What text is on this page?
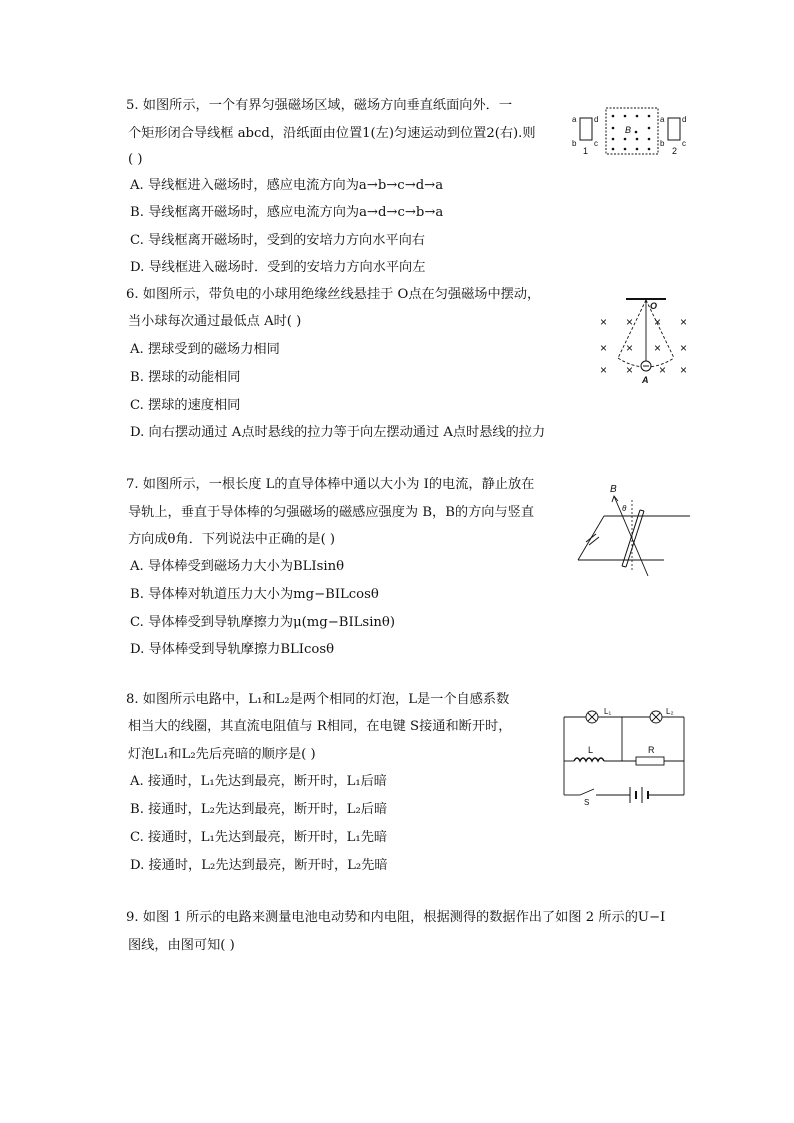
5. 如图所示，一个有界匀强磁场区域，磁场方向垂直纸面向外．一
个矩形闭合导线框 abcd，沿纸面由位置1(左)匀速运动到位置2(右).则
( )
A. 导线框进入磁场时，感应电流方向为a→b→c→d→a
B. 导线框离开磁场时，感应电流方向为a→d→c→b→a
C. 导线框离开磁场时，受到的安培力方向水平向右
D. 导线框进入磁场时．受到的安培力方向水平向左
a
b
d
c
1
B
a
b
d
c
2
6. 如图所示，带负电的小球用绝缘丝线悬挂于 O点在匀强磁场中摆动，
当小球每次通过最低点 A时( )
A. 摆球受到的磁场力相同
B. 摆球的动能相同
C. 摆球的速度相同
D. 向右摆动通过 A点时悬线的拉力等于向左摆动通过 A点时悬线的拉力
O
A
× × × ×
× × × ×
× × × ×
7. 如图所示，一根长度 L的直导体棒中通以大小为 I的电流，静止放在
导轨上，垂直于导体棒的匀强磁场的磁感应强度为 B，B的方向与竖直
方向成θ角．下列说法中正确的是( )
A. 导体棒受到磁场力大小为BLIsinθ
B. 导体棒对轨道压力大小为mg−BILcosθ
C. 导体棒受到导轨摩擦力为μ(mg−BILsinθ)
D. 导体棒受到导轨摩擦力BLIcosθ
B
θ
8. 如图所示电路中，L₁和L₂是两个相同的灯泡，L是一个自感系数
相当大的线圈，其直流电阻值与 R相同，在电键 S接通和断开时，
灯泡L₁和L₂先后亮暗的顺序是( )
A. 接通时，L₁先达到最亮，断开时，L₁后暗
B. 接通时，L₂先达到最亮，断开时，L₂后暗
C. 接通时，L₁先达到最亮，断开时，L₁先暗
D. 接通时，L₂先达到最亮，断开时，L₂先暗
L₁	L₂
L	R
S
9. 如图 1 所示的电路来测量电池电动势和内电阻，根据测得的数据作出了如图 2 所示的U−I
图线，由图可知( )
